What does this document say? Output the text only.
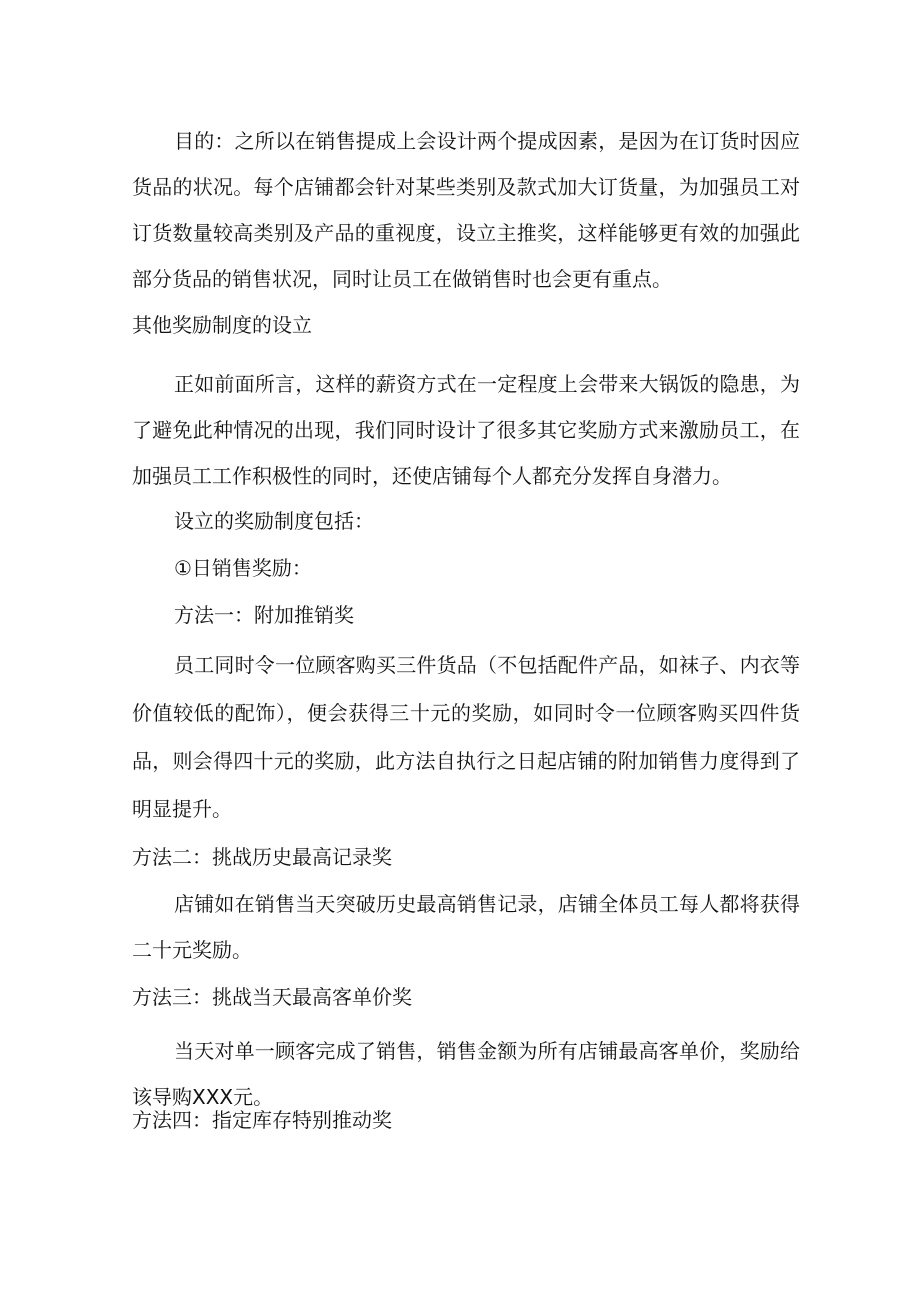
目的：之所以在销售提成上会设计两个提成因素，是因为在订货时因应货品的状况。每个店铺都会针对某些类别及款式加大订货量，为加强员工对订货数量较高类别及产品的重视度，设立主推奖，这样能够更有效的加强此部分货品的销售状况，同时让员工在做销售时也会更有重点。

其他奖励制度的设立

正如前面所言，这样的薪资方式在一定程度上会带来大锅饭的隐患，为了避免此种情况的出现，我们同时设计了很多其它奖励方式来激励员工，在加强员工工作积极性的同时，还使店铺每个人都充分发挥自身潜力。

设立的奖励制度包括：

①日销售奖励：

方法一：附加推销奖

员工同时令一位顾客购买三件货品（不包括配件产品，如袜子、内衣等价值较低的配饰），便会获得三十元的奖励，如同时令一位顾客购买四件货品，则会得四十元的奖励，此方法自执行之日起店铺的附加销售力度得到了明显提升。

方法二：挑战历史最高记录奖

店铺如在销售当天突破历史最高销售记录，店铺全体员工每人都将获得二十元奖励。

方法三：挑战当天最高客单价奖

当天对单一顾客完成了销售，销售金额为所有店铺最高客单价，奖励给该导购XXX元。

方法四：指定库存特别推动奖
